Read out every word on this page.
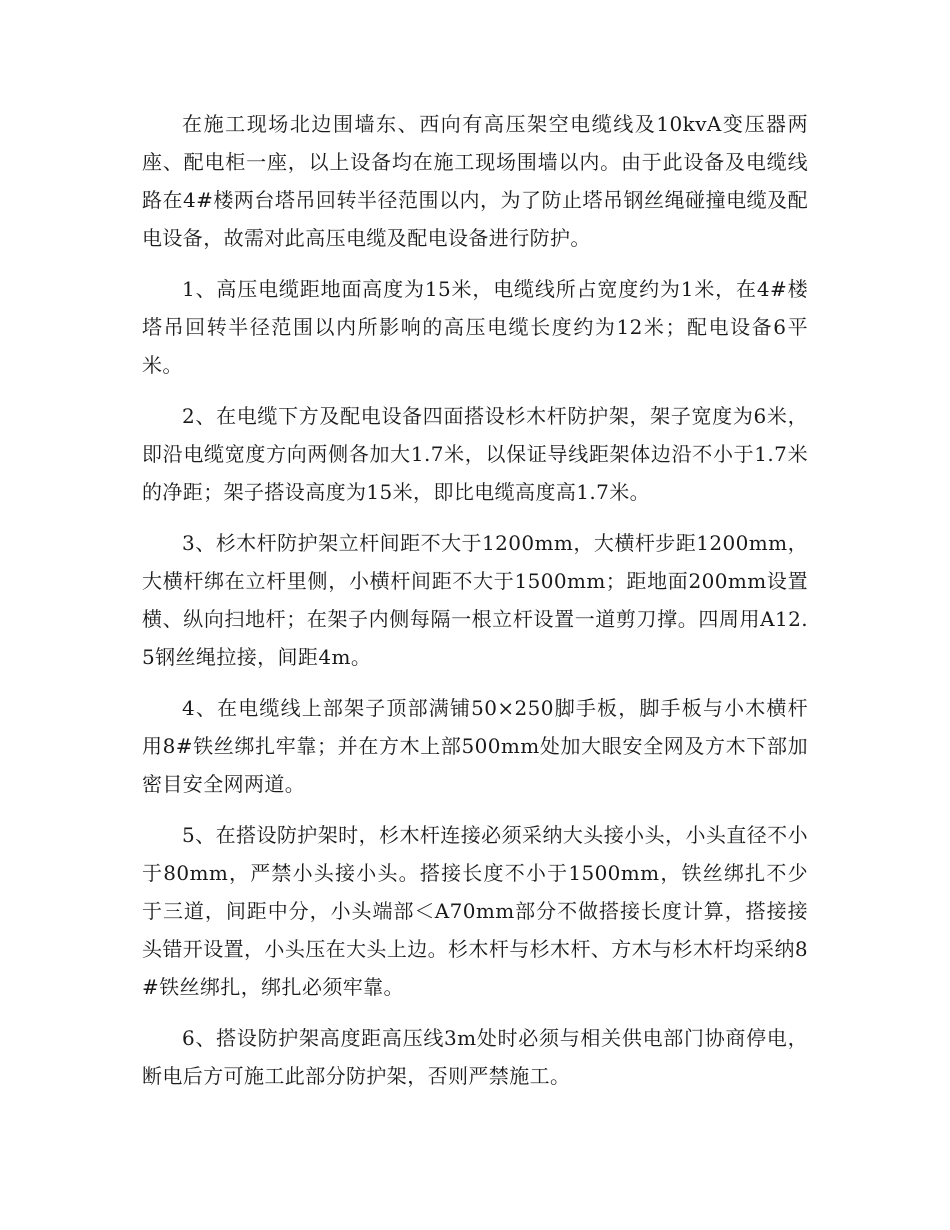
在施工现场北边围墙东、西向有高压架空电缆线及10kvA变压器两座、配电柜一座，以上设备均在施工现场围墙以内。由于此设备及电缆线路在4#楼两台塔吊回转半径范围以内，为了防止塔吊钢丝绳碰撞电缆及配电设备，故需对此高压电缆及配电设备进行防护。

1、高压电缆距地面高度为15米，电缆线所占宽度约为1米，在4#楼塔吊回转半径范围以内所影响的高压电缆长度约为12米；配电设备6平米。

2、在电缆下方及配电设备四面搭设杉木杆防护架，架子宽度为6米，即沿电缆宽度方向两侧各加大1.7米，以保证导线距架体边沿不小于1.7米的净距；架子搭设高度为15米，即比电缆高度高1.7米。

3、杉木杆防护架立杆间距不大于1200mm，大横杆步距1200mm，大横杆绑在立杆里侧，小横杆间距不大于1500mm；距地面200mm设置横、纵向扫地杆；在架子内侧每隔一根立杆设置一道剪刀撑。四周用A12.5钢丝绳拉接，间距4m。

4、在电缆线上部架子顶部满铺50×250脚手板，脚手板与小木横杆用8#铁丝绑扎牢靠；并在方木上部500mm处加大眼安全网及方木下部加密目安全网两道。

5、在搭设防护架时，杉木杆连接必须采纳大头接小头，小头直径不小于80mm，严禁小头接小头。搭接长度不小于1500mm，铁丝绑扎不少于三道，间距中分，小头端部＜A70mm部分不做搭接长度计算，搭接接头错开设置，小头压在大头上边。杉木杆与杉木杆、方木与杉木杆均采纳8#铁丝绑扎，绑扎必须牢靠。

6、搭设防护架高度距高压线3m处时必须与相关供电部门协商停电，断电后方可施工此部分防护架，否则严禁施工。
